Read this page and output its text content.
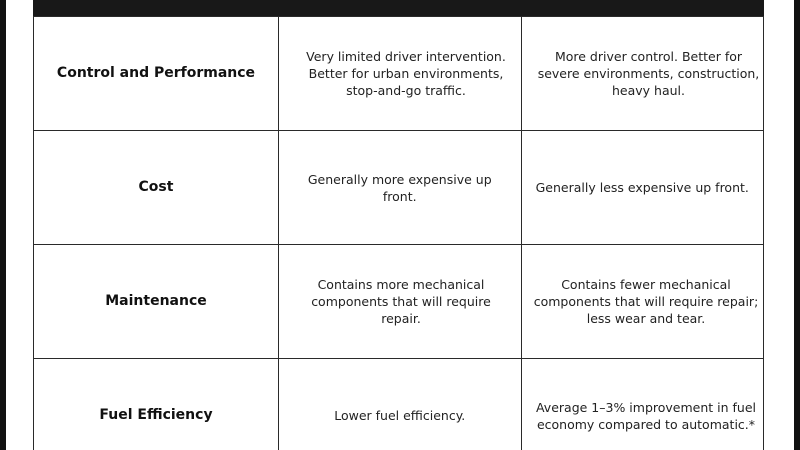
Control and Performance	Very limited driver intervention. Better for urban environments, stop-and-go traffic.	More driver control. Better for severe environments, construction, heavy haul.
Cost	Generally more expensive up front.	Generally less expensive up front.
Maintenance	Contains more mechanical components that will require repair.	Contains fewer mechanical components that will require repair; less wear and tear.
Fuel Efficiency	Lower fuel efficiency.	Average 1–3% improvement in fuel economy compared to automatic.*
